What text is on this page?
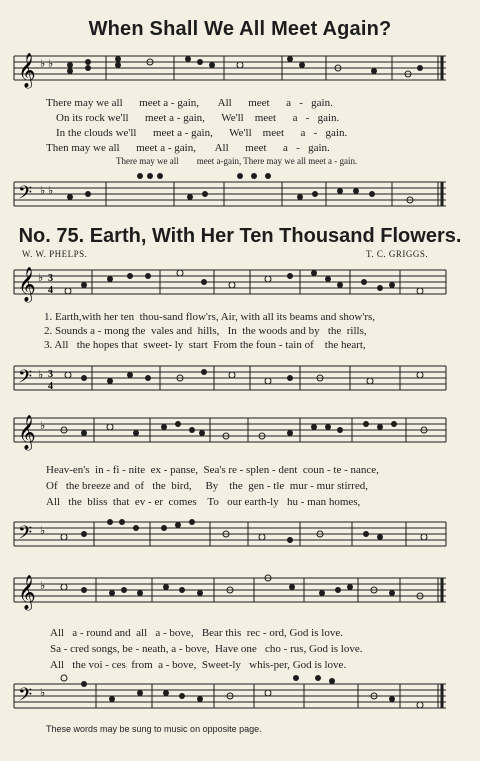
When Shall We All Meet Again?
𝄞 ♭ ♭
There may we all      meet a - gain,       All      meet      a   -   gain.
On its rock we'll      meet a - gain,      We'll    meet      a   -   gain.
In the clouds we'll      meet a - gain,      We'll    meet      a   -   gain.
Then may we all      meet a - gain,       All      meet      a   -   gain.
There may we all        meet a-gain, There may we all meet a - gain.
𝄢 ♭ ♭
No. 75. Earth, With Her Ten Thousand Flowers.
W. W. PHELPS.	T. C. GRIGGS.
𝄞 ♭ 3
4
1. Earth,with her ten  thou-sand flow'rs, Air, with all its beams and show'rs,
2. Sounds a - mong the  vales and  hills,   In  the woods and by   the  rills,
3. All   the hopes that  sweet- ly  start  From the foun - tain of    the heart,
𝄢 ♭ 3
4
𝄞 ♭
Heav-en's  in - fi - nite  ex - panse,  Sea's re - splen - dent  coun - te - nance,
Of   the breeze and  of   the  bird,     By    the  gen - tle  mur - mur stirred,
All   the  bliss  that  ev - er  comes    To   our earth-ly   hu - man homes,
𝄢 ♭
𝄞 ♭
All   a - round and  all   a - bove,   Bear this  rec - ord, God is love.
Sa - cred songs, be - neath, a - bove,  Have one   cho - rus, God is love.
All   the voi - ces  from  a - bove,  Sweet-ly   whis-per, God is love.
𝄢 ♭
These words may be sung to music on opposite page.
